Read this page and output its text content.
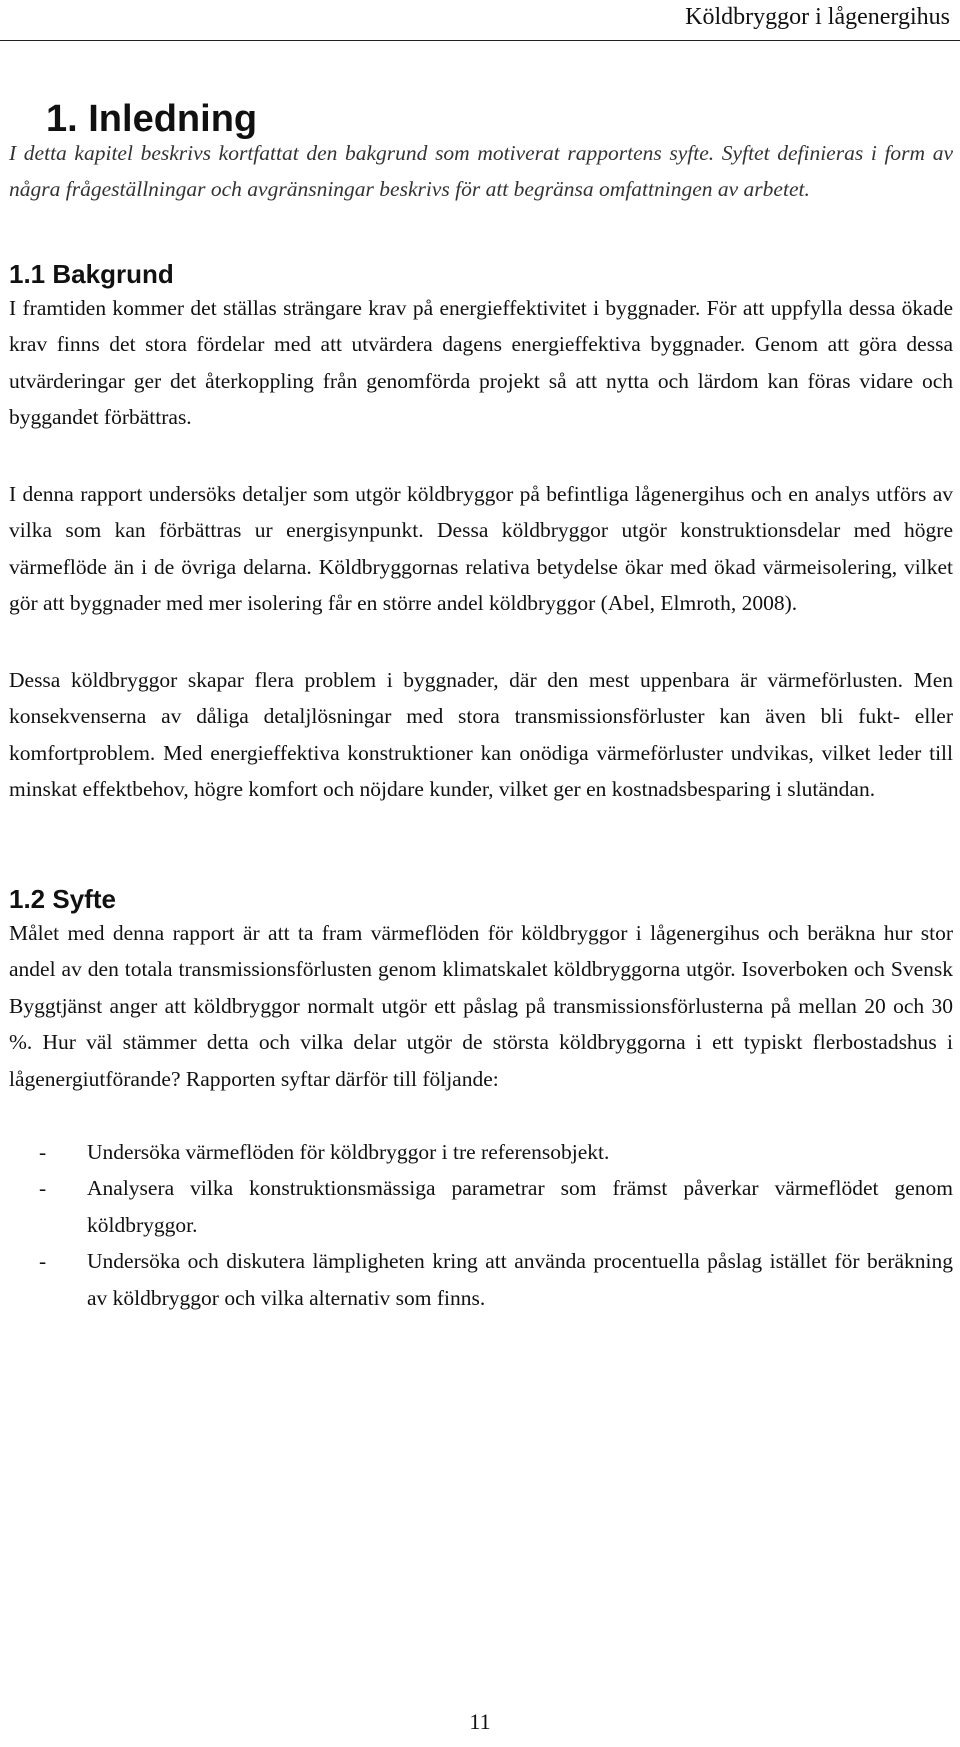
Köldbryggor i lågenergihus
1. Inledning

I detta kapitel beskrivs kortfattat den bakgrund som motiverat rapportens syfte. Syftet definieras i form av några frågeställningar och avgränsningar beskrivs för att begränsa omfattningen av arbetet.

1.1 Bakgrund

I framtiden kommer det ställas strängare krav på energieffektivitet i byggnader. För att uppfylla dessa ökade krav finns det stora fördelar med att utvärdera dagens energieffektiva byggnader. Genom att göra dessa utvärderingar ger det återkoppling från genomförda projekt så att nytta och lärdom kan föras vidare och byggandet förbättras.

I denna rapport undersöks detaljer som utgör köldbryggor på befintliga lågenergihus och en analys utförs av vilka som kan förbättras ur energisynpunkt. Dessa köldbryggor utgör konstruktionsdelar med högre värmeflöde än i de övriga delarna. Köldbryggornas relativa betydelse ökar med ökad värmeisolering, vilket gör att byggnader med mer isolering får en större andel köldbryggor (Abel, Elmroth, 2008).

Dessa köldbryggor skapar flera problem i byggnader, där den mest uppenbara är värmeförlusten. Men konsekvenserna av dåliga detaljlösningar med stora transmissionsförluster kan även bli fukt- eller komfortproblem. Med energieffektiva konstruktioner kan onödiga värmeförluster undvikas, vilket leder till minskat effektbehov, högre komfort och nöjdare kunder, vilket ger en kostnadsbesparing i slutändan.

1.2 Syfte

Målet med denna rapport är att ta fram värmeflöden för köldbryggor i lågenergihus och beräkna hur stor andel av den totala transmissionsförlusten genom klimatskalet köldbryggorna utgör. Isoverboken och Svensk Byggtjänst anger att köldbryggor normalt utgör ett påslag på transmissionsförlusterna på mellan 20 och 30 %. Hur väl stämmer detta och vilka delar utgör de största köldbryggorna i ett typiskt flerbostadshus i lågenergiutförande? Rapporten syftar därför till följande:

- Undersöka värmeflöden för köldbryggor i tre referensobjekt.
- Analysera vilka konstruktionsmässiga parametrar som främst påverkar värmeflödet genom köldbryggor.
- Undersöka och diskutera lämpligheten kring att använda procentuella påslag istället för beräkning av köldbryggor och vilka alternativ som finns.
11
